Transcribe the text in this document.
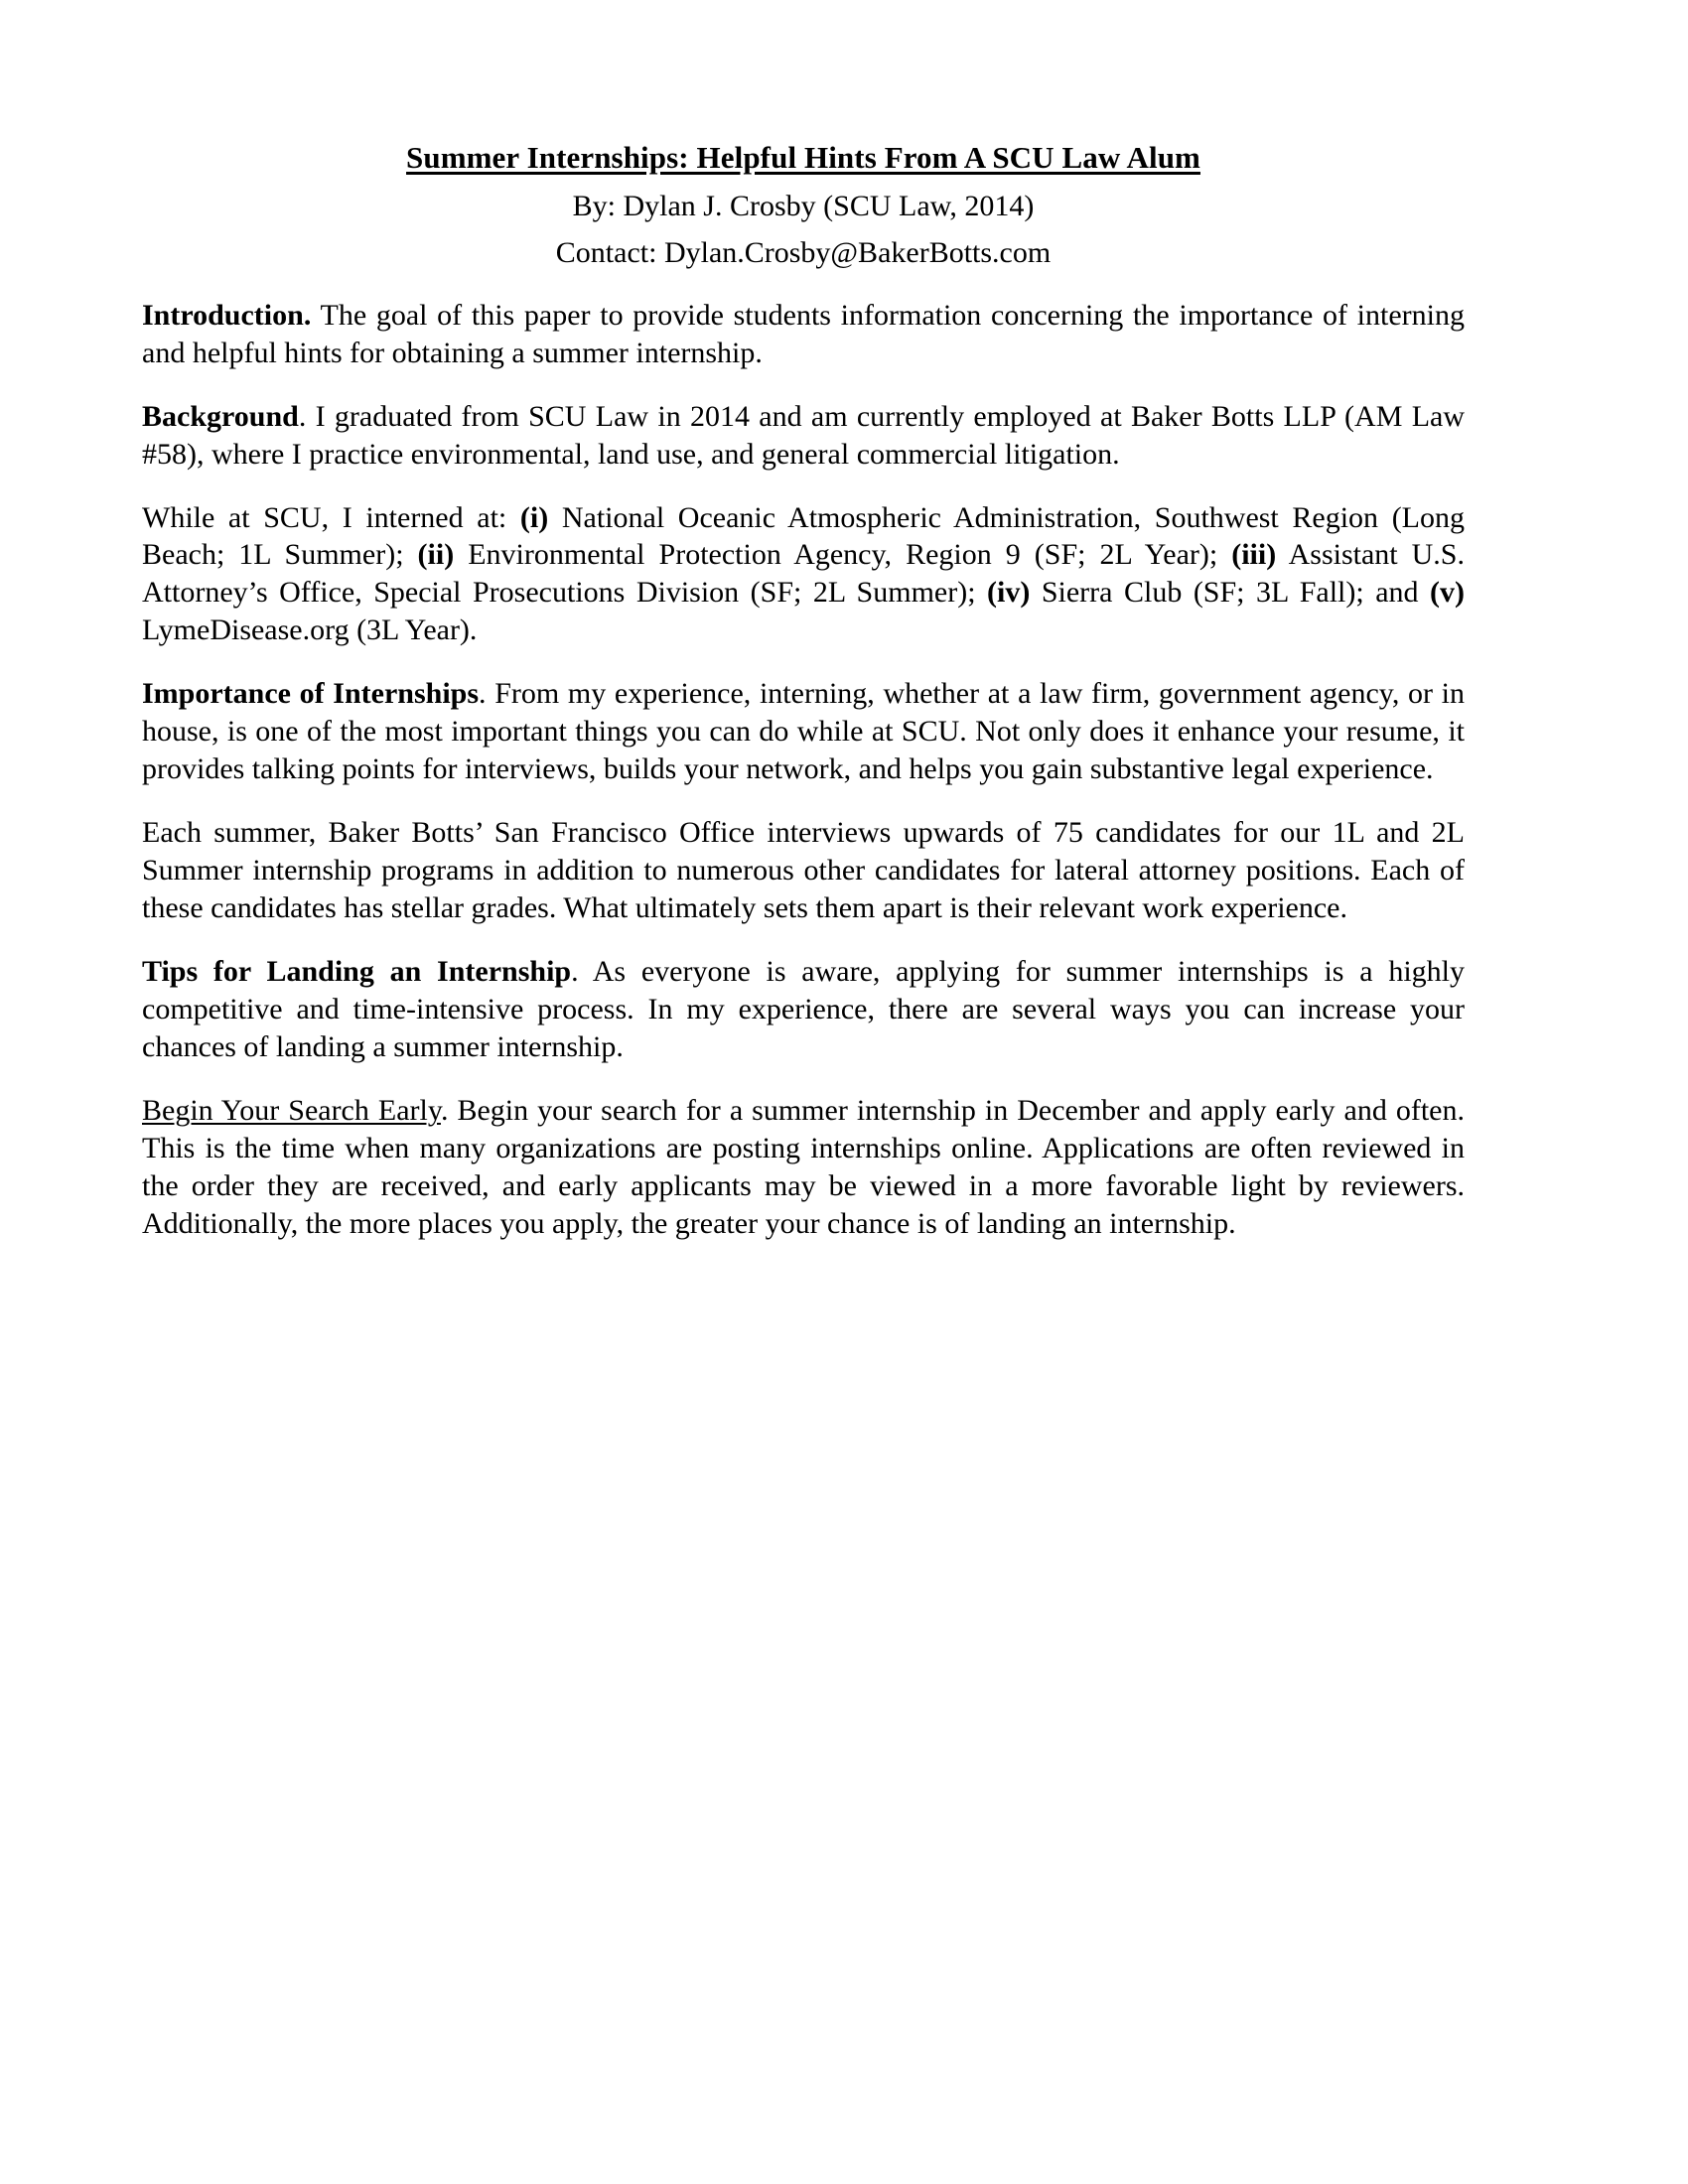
Summer Internships: Helpful Hints From A SCU Law Alum
By: Dylan J. Crosby (SCU Law, 2014)
Contact: Dylan.Crosby@BakerBotts.com

Introduction. The goal of this paper to provide students information concerning the importance of interning and helpful hints for obtaining a summer internship.

Background. I graduated from SCU Law in 2014 and am currently employed at Baker Botts LLP (AM Law #58), where I practice environmental, land use, and general commercial litigation.

While at SCU, I interned at: (i) National Oceanic Atmospheric Administration, Southwest Region (Long Beach; 1L Summer); (ii) Environmental Protection Agency, Region 9 (SF; 2L Year); (iii) Assistant U.S. Attorney’s Office, Special Prosecutions Division (SF; 2L Summer); (iv) Sierra Club (SF; 3L Fall); and (v) LymeDisease.org (3L Year).

Importance of Internships. From my experience, interning, whether at a law firm, government agency, or in house, is one of the most important things you can do while at SCU. Not only does it enhance your resume, it provides talking points for interviews, builds your network, and helps you gain substantive legal experience.

Each summer, Baker Botts’ San Francisco Office interviews upwards of 75 candidates for our 1L and 2L Summer internship programs in addition to numerous other candidates for lateral attorney positions. Each of these candidates has stellar grades. What ultimately sets them apart is their relevant work experience.

Tips for Landing an Internship. As everyone is aware, applying for summer internships is a highly competitive and time-intensive process. In my experience, there are several ways you can increase your chances of landing a summer internship.

Begin Your Search Early. Begin your search for a summer internship in December and apply early and often. This is the time when many organizations are posting internships online. Applications are often reviewed in the order they are received, and early applicants may be viewed in a more favorable light by reviewers. Additionally, the more places you apply, the greater your chance is of landing an internship.
